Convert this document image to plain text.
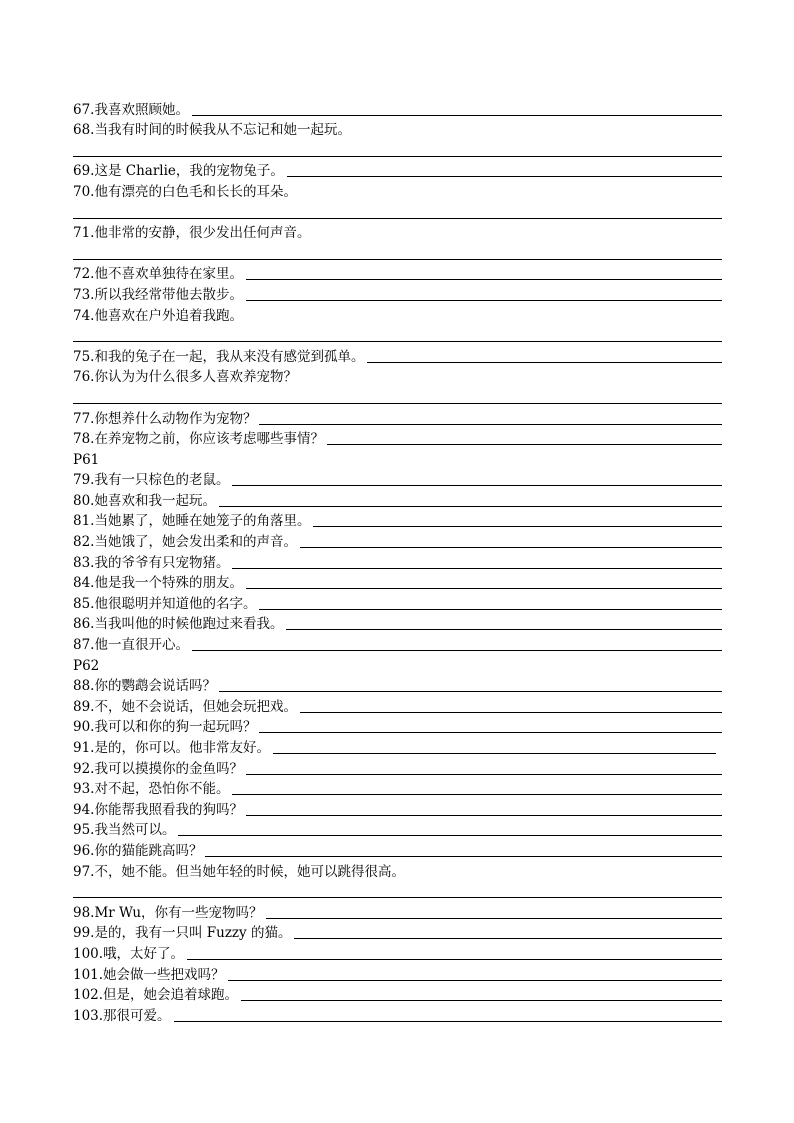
67.我喜欢照顾她。
68.当我有时间的时候我从不忘记和她一起玩。
69.这是 Charlie，我的宠物兔子。
70.他有漂亮的白色毛和长长的耳朵。
71.他非常的安静，很少发出任何声音。
72.他不喜欢单独待在家里。
73.所以我经常带他去散步。
74.他喜欢在户外追着我跑。
75.和我的兔子在一起，我从来没有感觉到孤单。
76.你认为为什么很多人喜欢养宠物？
77.你想养什么动物作为宠物？
78.在养宠物之前，你应该考虑哪些事情？
P61
79.我有一只棕色的老鼠。
80.她喜欢和我一起玩。
81.当她累了，她睡在她笼子的角落里。
82.当她饿了，她会发出柔和的声音。
83.我的爷爷有只宠物猪。
84.他是我一个特殊的朋友。
85.他很聪明并知道他的名字。
86.当我叫他的时候他跑过来看我。
87.他一直很开心。
P62
88.你的鹦鹉会说话吗？
89.不，她不会说话，但她会玩把戏。
90.我可以和你的狗一起玩吗？
91.是的，你可以。他非常友好。
92.我可以摸摸你的金鱼吗？
93.对不起，恐怕你不能。
94.你能帮我照看我的狗吗？
95.我当然可以。
96.你的猫能跳高吗？
97.不，她不能。但当她年轻的时候，她可以跳得很高。
98.Mr Wu，你有一些宠物吗？
99.是的，我有一只叫 Fuzzy 的猫。
100.哦，太好了。
101.她会做一些把戏吗？
102.但是，她会追着球跑。
103.那很可爱。
